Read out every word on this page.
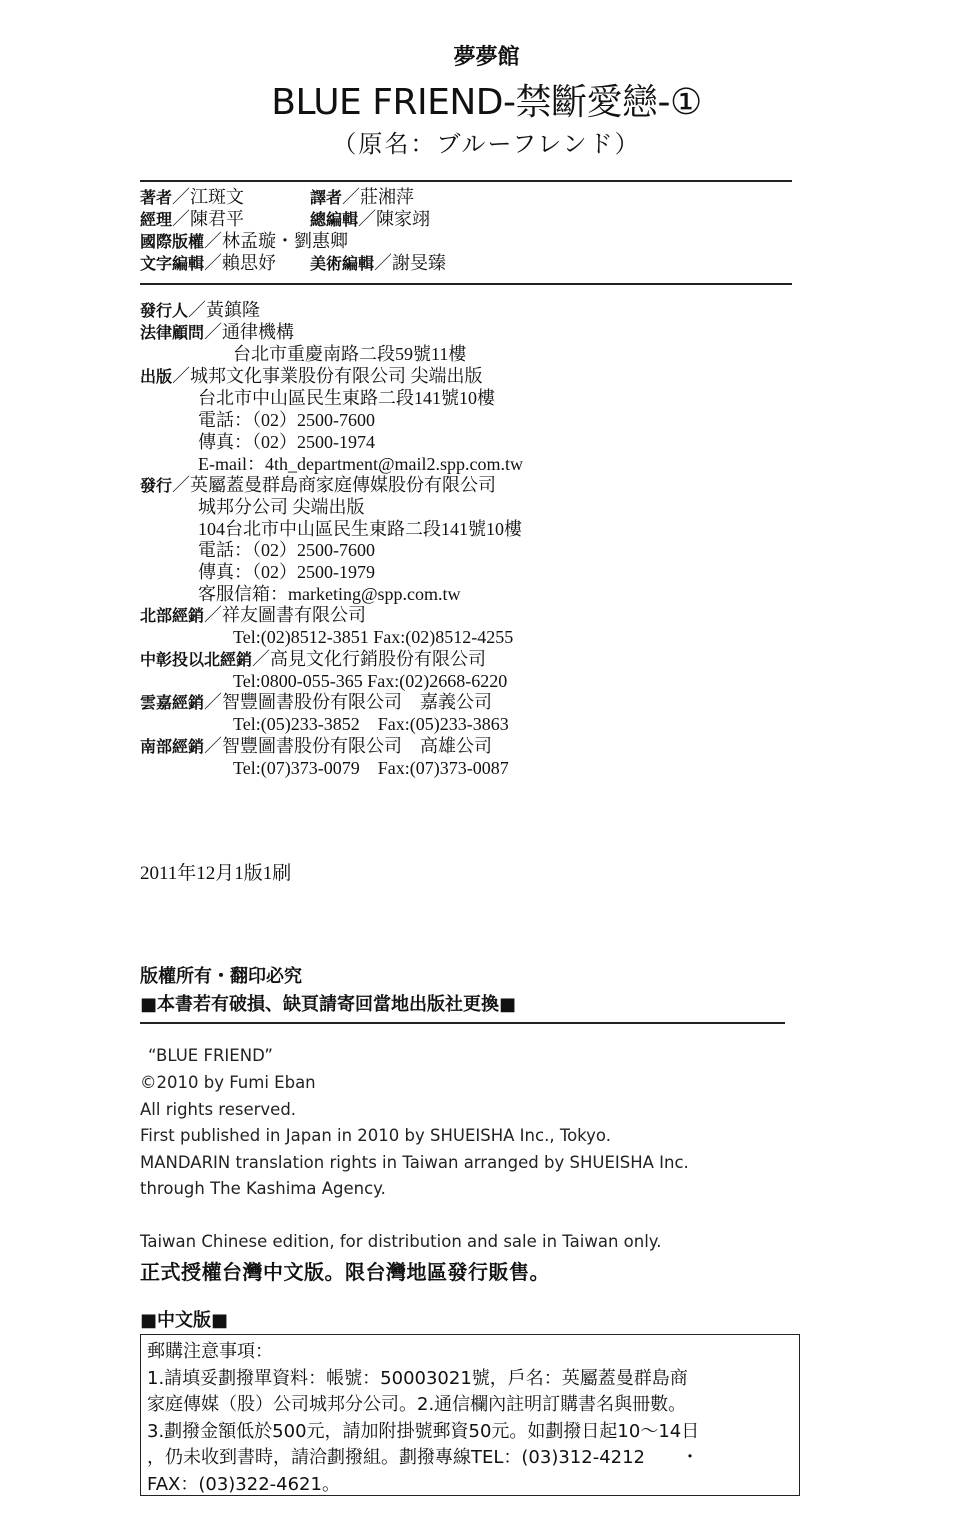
夢夢館
BLUE FRIEND-禁斷愛戀-①
（原名：ブルーフレンド）
著者／江斑文	譯者／莊湘萍
經理／陳君平	總編輯／陳家翊
國際版權／林孟璇・劉惠卿
文字編輯／賴思妤 美術編輯／謝旻臻
發行人／黃鎮隆
法律顧問／通律機構
台北市重慶南路二段59號11樓
出版／城邦文化事業股份有限公司 尖端出版
台北市中山區民生東路二段141號10樓
電話：（02）2500-7600
傳真：（02）2500-1974
E-mail：4th_department@mail2.spp.com.tw
發行／英屬蓋曼群島商家庭傳媒股份有限公司
城邦分公司 尖端出版
104台北市中山區民生東路二段141號10樓
電話：（02）2500-7600
傳真：（02）2500-1979
客服信箱：marketing@spp.com.tw
北部經銷／祥友圖書有限公司
Tel:(02)8512-3851 Fax:(02)8512-4255
中彰投以北經銷／高見文化行銷股份有限公司
Tel:0800-055-365 Fax:(02)2668-6220
雲嘉經銷／智豐圖書股份有限公司　嘉義公司
Tel:(05)233-3852　Fax:(05)233-3863
南部經銷／智豐圖書股份有限公司　高雄公司
Tel:(07)373-0079　Fax:(07)373-0087
2011年12月1版1刷
版權所有・翻印必究
■本書若有破損、缺頁請寄回當地出版社更換■
“BLUE FRIEND”
©2010 by Fumi Eban
All rights reserved.
First published in Japan in 2010 by SHUEISHA Inc., Tokyo.
MANDARIN translation rights in Taiwan arranged by SHUEISHA Inc.
through The Kashima Agency.
Taiwan Chinese edition, for distribution and sale in Taiwan only.
正式授權台灣中文版。限台灣地區發行販售。
■中文版■
郵購注意事項：
1.請填妥劃撥單資料：帳號：50003021號，戶名：英屬蓋曼群島商
家庭傳媒（股）公司城邦分公司。2.通信欄內註明訂購書名與冊數。
3.劃撥金額低於500元，請加附掛號郵資50元。如劃撥日起10～14日
，仍未收到書時，請洽劃撥組。劃撥專線TEL：(03)312-4212　　・
FAX：(03)322-4621。
